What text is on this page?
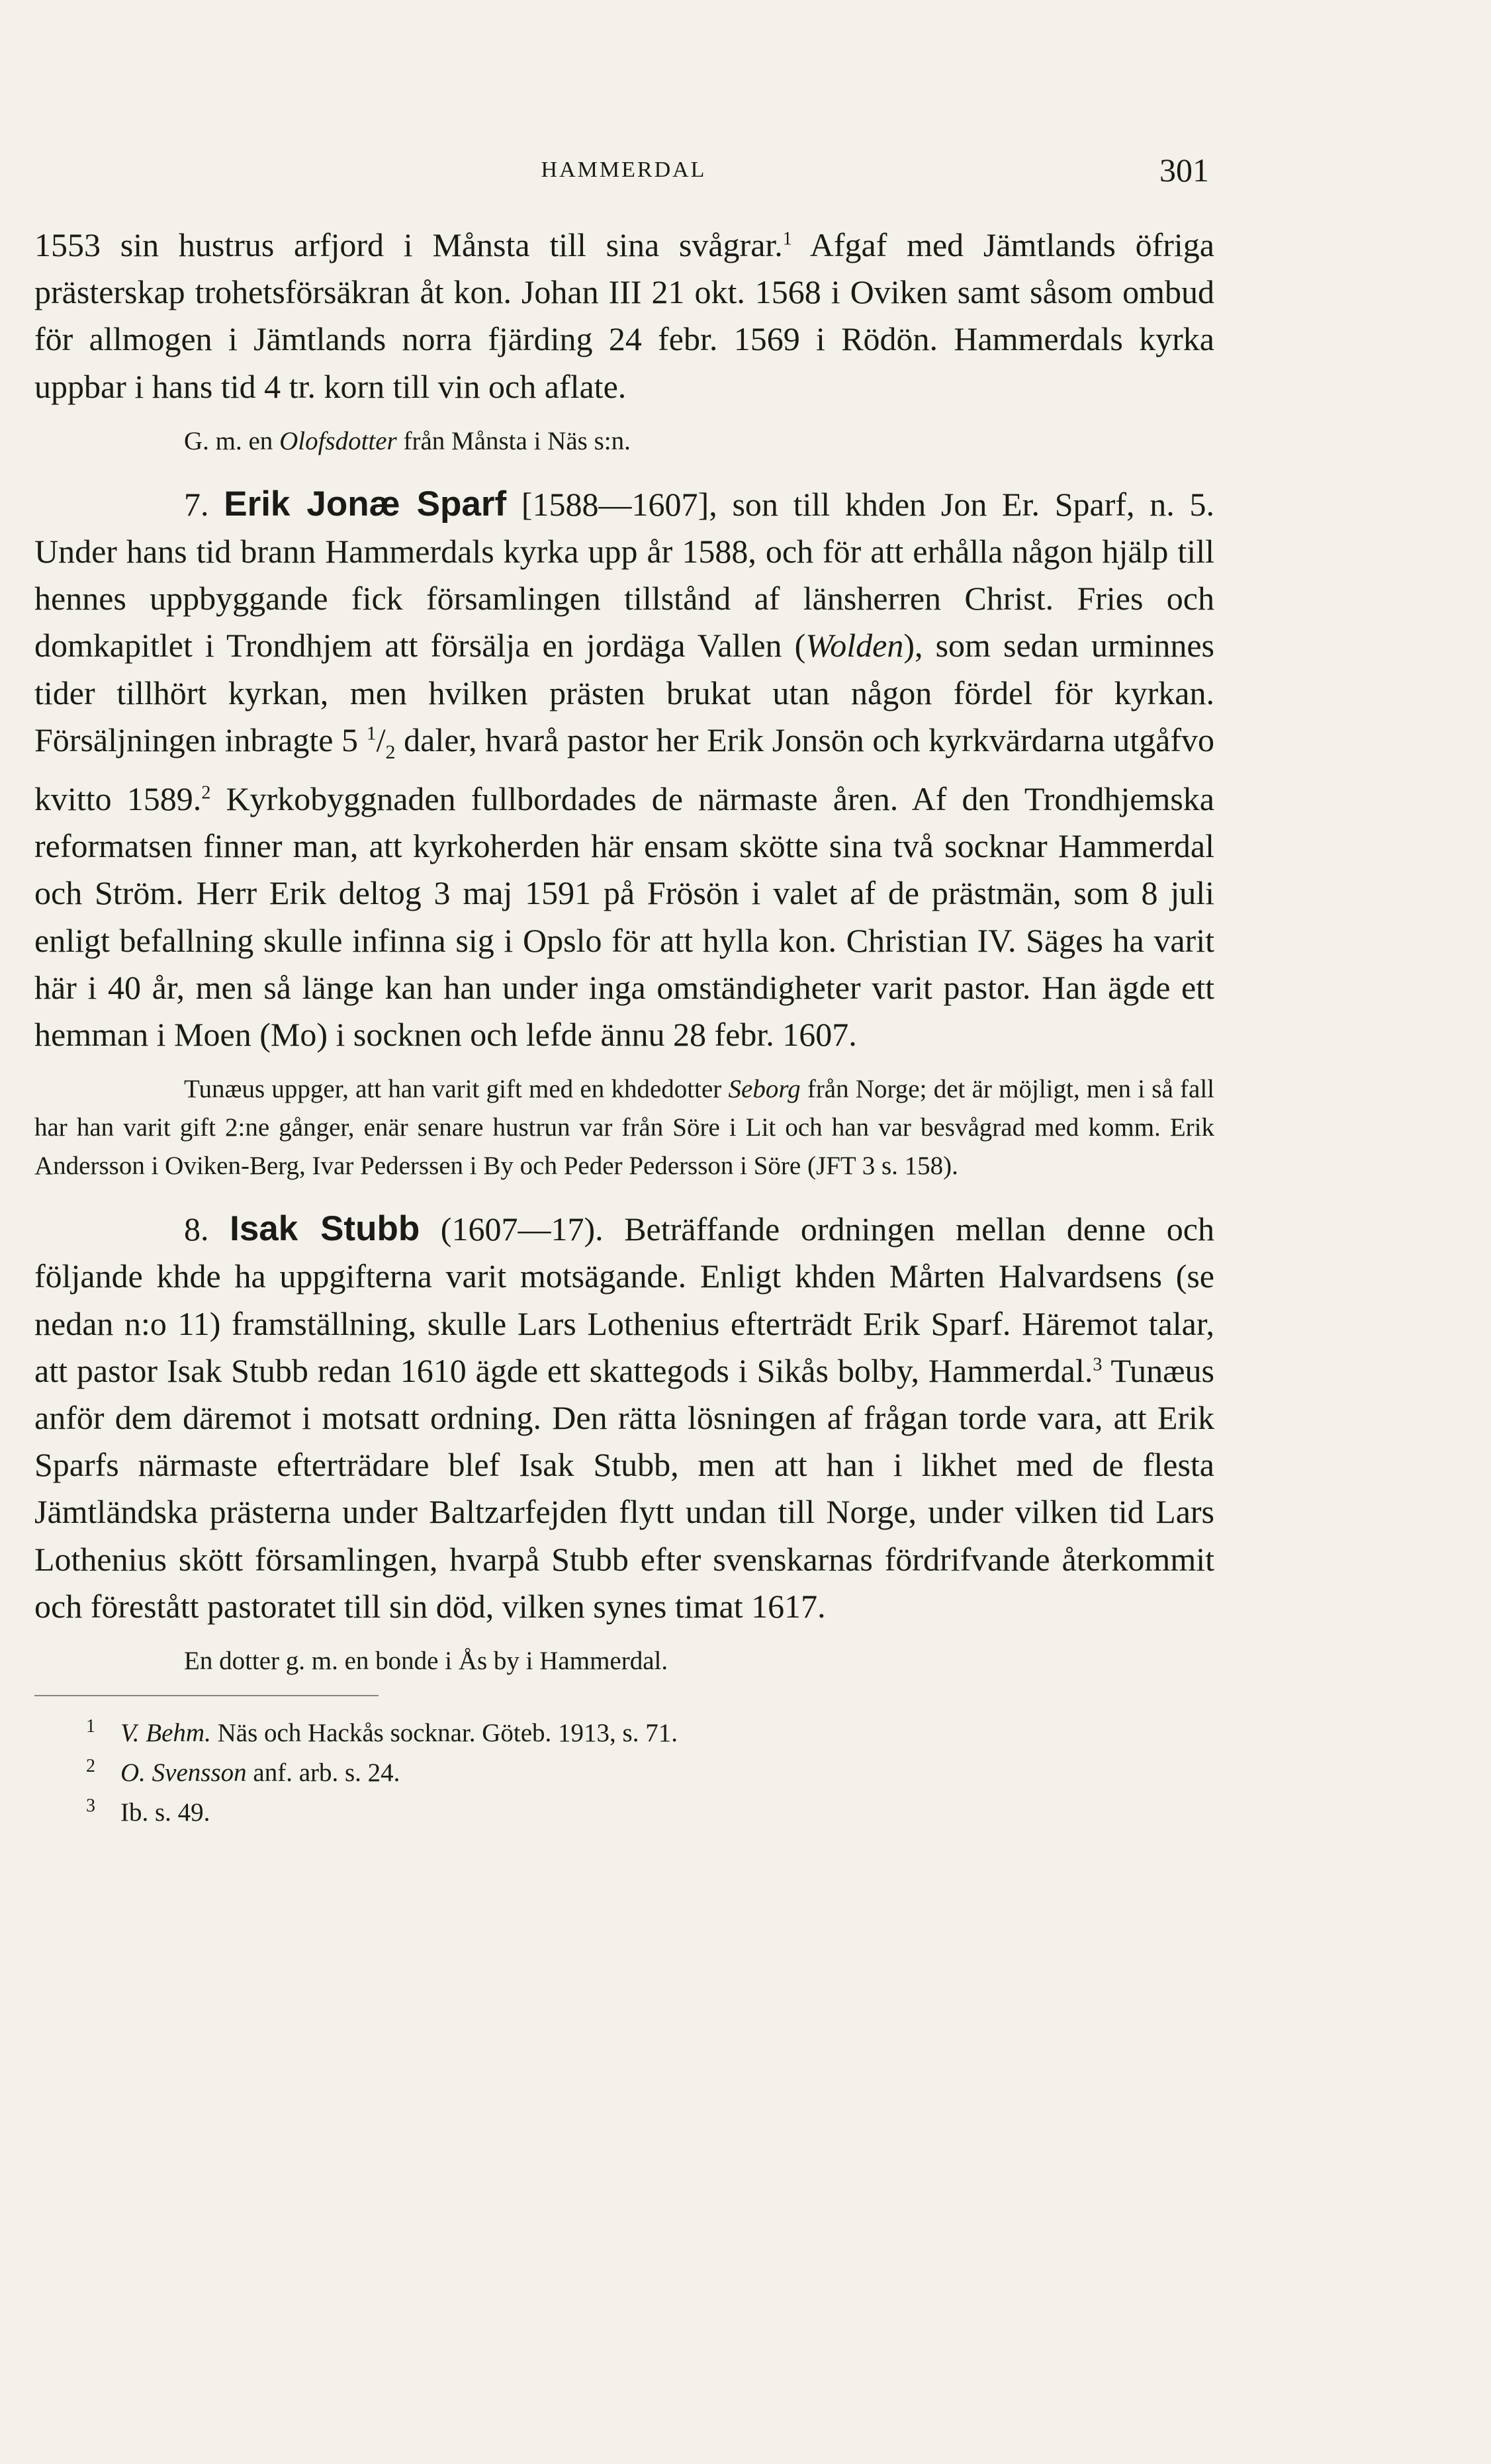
HAMMERDAL	301

1553 sin hustrus arfjord i Månsta till sina svågrar.$^1$ Afgaf med Jämtlands öfriga prästerskap trohetsförsäkran åt kon. Johan III 21 okt. 1568 i Oviken samt såsom ombud för allmogen i Jämtlands norra fjärding 24 febr. 1569 i Rödön. Hammerdals kyrka uppbar i hans tid 4 tr. korn till vin och aflate.

G. m. en Olofsdotter från Månsta i Näs s:n.

7. Erik Jonæ Sparf [1588—1607], son till khden Jon Er. Sparf, n. 5. Under hans tid brann Hammerdals kyrka upp år 1588, och för att erhålla någon hjälp till hennes uppbyggande fick församlingen tillstånd af länsherren Christ. Fries och domkapitlet i Trondhjem att försälja en jordäga Vallen (Wolden), som sedan urminnes tider tillhört kyrkan, men hvilken prästen brukat utan någon fördel för kyrkan. Försäljningen inbragte 5 $^1/_2$ daler, hvarå pastor her Erik Jonsön och kyrkvärdarna utgåfvo kvitto 1589.$^2$ Kyrkobyggnaden fullbordades de närmaste åren. Af den Trondhjemska reformatsen finner man, att kyrkoherden här ensam skötte sina två socknar Hammerdal och Ström. Herr Erik deltog 3 maj 1591 på Frösön i valet af de prästmän, som 8 juli enligt befallning skulle infinna sig i Opslo för att hylla kon. Christian IV. Säges ha varit här i 40 år, men så länge kan han under inga omständigheter varit pastor. Han ägde ett hemman i Moen (Mo) i socknen och lefde ännu 28 febr. 1607.

Tunæus uppger, att han varit gift med en khdedotter Seborg från Norge; det är möjligt, men i så fall har han varit gift 2:ne gånger, enär senare hustrun var från Söre i Lit och han var besvågrad med komm. Erik Andersson i Oviken-Berg, Ivar Pederssen i By och Peder Pedersson i Söre (JFT 3 s. 158).

8. Isak Stubb (1607—17). Beträffande ordningen mellan denne och följande khde ha uppgifterna varit motsägande. Enligt khden Mårten Halvardsens (se nedan n:o 11) framställning, skulle Lars Lothenius efterträdt Erik Sparf. Häremot talar, att pastor Isak Stubb redan 1610 ägde ett skattegods i Sikås bolby, Hammerdal.$^3$ Tunæus anför dem däremot i motsatt ordning. Den rätta lösningen af frågan torde vara, att Erik Sparfs närmaste efterträdare blef Isak Stubb, men att han i likhet med de flesta Jämtländska prästerna under Baltzarfejden flytt undan till Norge, under vilken tid Lars Lothenius skött församlingen, hvarpå Stubb efter svenskarnas fördrifvande återkommit och förestått pastoratet till sin död, vilken synes timat 1617.

En dotter g. m. en bonde i Ås by i Hammerdal.

$^1$ V. Behm. Näs och Hackås socknar. Göteb. 1913, s. 71.
$^2$ O. Svensson anf. arb. s. 24.
$^3$ Ib. s. 49.
